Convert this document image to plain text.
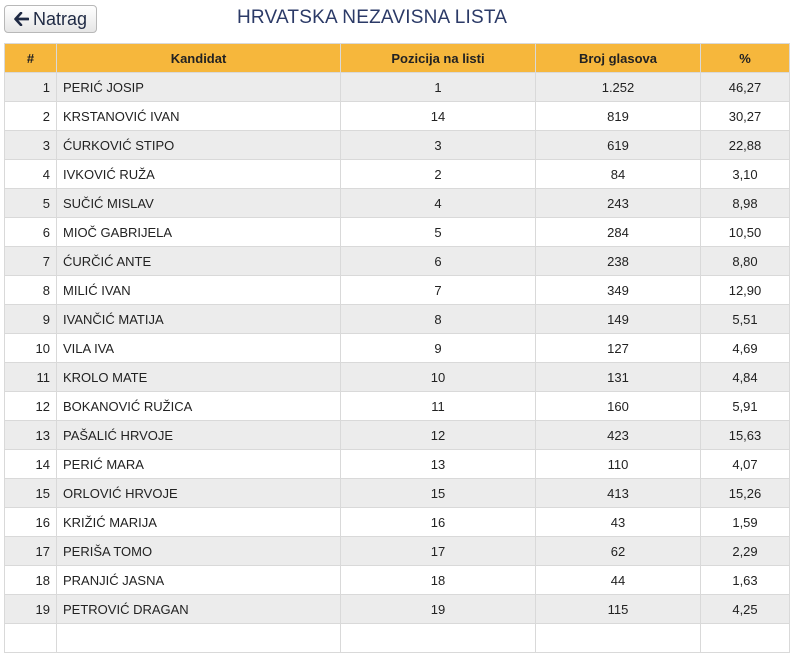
Natrag	HRVATSKA NEZAVISNA LISTA
#	Kandidat	Pozicija na listi	Broj glasova	%
1	PERIĆ JOSIP	1	1.252	46,27
2	KRSTANOVIĆ IVAN	14	819	30,27
3	ĆURKOVIĆ STIPO	3	619	22,88
4	IVKOVIĆ RUŽA	2	84	3,10
5	SUČIĆ MISLAV	4	243	8,98
6	MIOČ GABRIJELA	5	284	10,50
7	ĆURČIĆ ANTE	6	238	8,80
8	MILIĆ IVAN	7	349	12,90
9	IVANČIĆ MATIJA	8	149	5,51
10	VILA IVA	9	127	4,69
11	KROLO MATE	10	131	4,84
12	BOKANOVIĆ RUŽICA	11	160	5,91
13	PAŠALIĆ HRVOJE	12	423	15,63
14	PERIĆ MARA	13	110	4,07
15	ORLOVIĆ HRVOJE	15	413	15,26
16	KRIŽIĆ MARIJA	16	43	1,59
17	PERIŠA TOMO	17	62	2,29
18	PRANJIĆ JASNA	18	44	1,63
19	PETROVIĆ DRAGAN	19	115	4,25
